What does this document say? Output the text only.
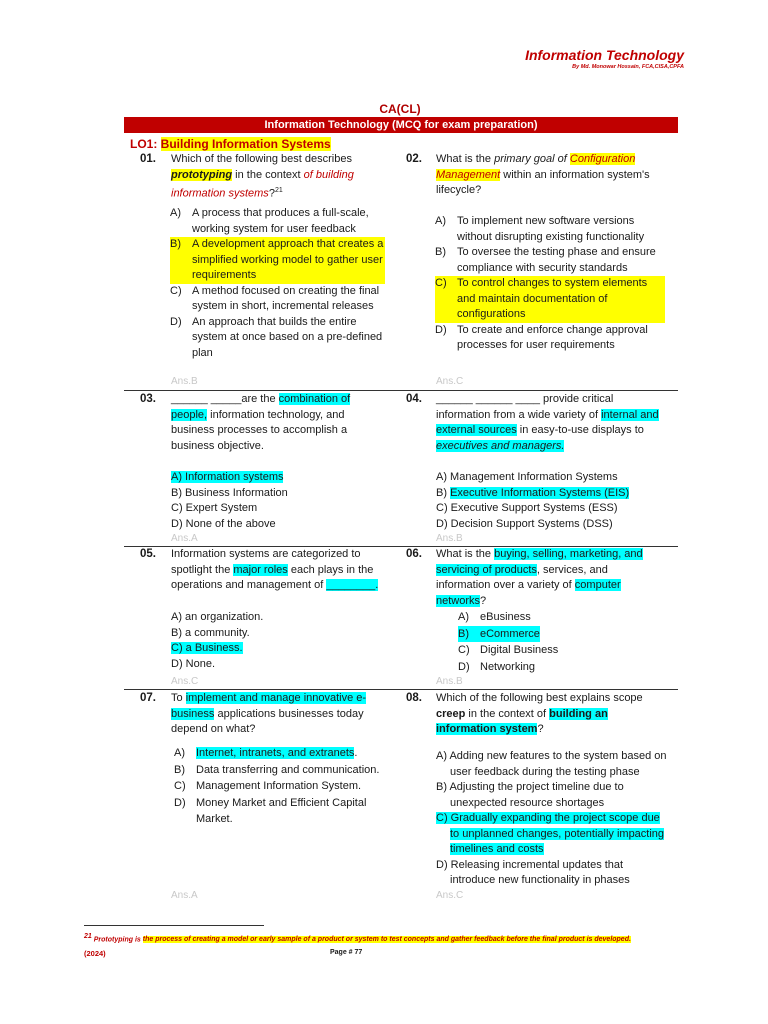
Information Technology
By Md. Monowar Hossain, FCA,CISA,CPFA
CA(CL)
Information Technology (MCQ for exam preparation)
LO1: Building Information Systems
01. Which of the following best describes prototyping in the context of building information systems?$^{21}$
A)	A process that produces a full-scale, working system for user feedback
B)	A development approach that creates a simplified working model to gather user requirements
C) A method focused on creating the final system in short, incremental releases
D) An approach that builds the entire system at once based on a pre-defined plan
Ans.B
02. What is the primary goal of Configuration Management within an information system's lifecycle?
A)	To implement new software versions without disrupting existing functionality
B)	To oversee the testing phase and ensure compliance with security standards
C) To control changes to system elements and maintain documentation of configurations
D) To create and enforce change approval processes for user requirements
Ans.C
03. ______ _____are the combination of people, information technology, and business processes to accomplish a business objective.
A) Information systems
B) Business Information
C) Expert System
D) None of the above
Ans.A
04. ______ ______ ____ provide critical information from a wide variety of internal and external sources in easy-to-use displays to executives and managers.
A) Management Information Systems
B) Executive Information Systems (EIS)
C) Executive Support Systems (ESS)
D) Decision Support Systems (DSS)
Ans.B
05. Information systems are categorized to spotlight the major roles each plays in the operations and management of ________.
A) an organization.
B) a community.
C) a Business.
D) None.
Ans.C
06. What is the buying, selling, marketing, and servicing of products, services, and information over a variety of computer networks?
A)	eBusiness
B)	eCommerce
C) Digital Business
D) Networking
Ans.B
07. To implement and manage innovative e-business applications businesses today depend on what?
A)	Internet, intranets, and extranets.
B)	Data transferring and communication.
C) Management Information System.
D) Money Market and Efficient Capital Market.
Ans.A
08. Which of the following best explains scope creep in the context of building an information system?
A) Adding new features to the system based on user feedback during the testing phase
B) Adjusting the project timeline due to unexpected resource shortages
C) Gradually expanding the project scope due to unplanned changes, potentially impacting timelines and costs
D) Releasing incremental updates that introduce new functionality in phases
Ans.C
$^{21}$ Prototyping is the process of creating a model or early sample of a product or system to test concepts and gather feedback before the final product is developed.
(2024)	Page # 77
